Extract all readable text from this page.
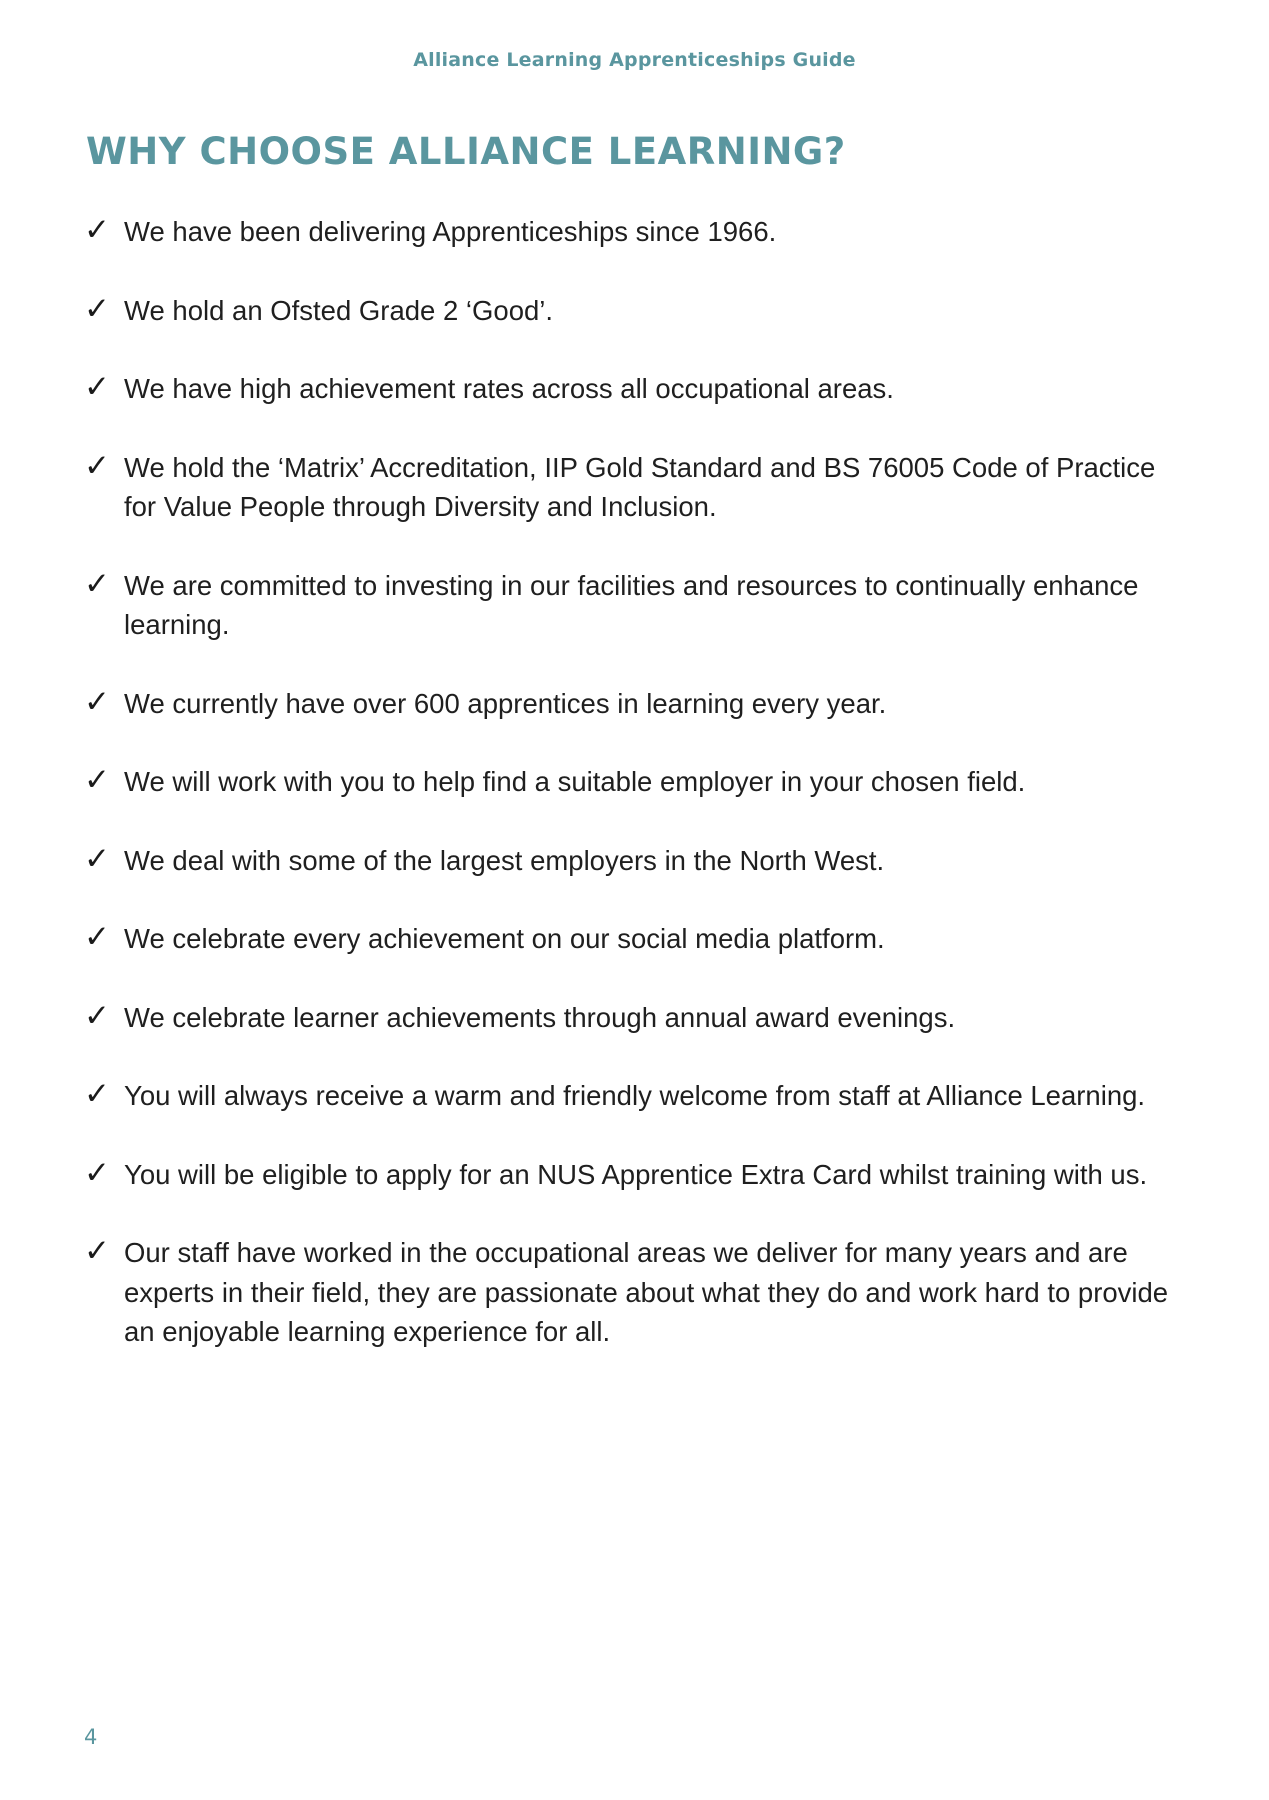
Alliance Learning Apprenticeships Guide
WHY CHOOSE ALLIANCE LEARNING?
✓ We have been delivering Apprenticeships since 1966.
✓ We hold an Ofsted Grade 2 ‘Good’.
✓ We have high achievement rates across all occupational areas.
✓ We hold the ‘Matrix’ Accreditation, IIP Gold Standard and BS 76005 Code of Practice for Value People through Diversity and Inclusion.
✓ We are committed to investing in our facilities and resources to continually enhance learning.
✓ We currently have over 600 apprentices in learning every year.
✓ We will work with you to help find a suitable employer in your chosen field.
✓ We deal with some of the largest employers in the North West.
✓ We celebrate every achievement on our social media platform.
✓ We celebrate learner achievements through annual award evenings.
✓ You will always receive a warm and friendly welcome from staff at Alliance Learning.
✓ You will be eligible to apply for an NUS Apprentice Extra Card whilst training with us.
✓ Our staff have worked in the occupational areas we deliver for many years and are experts in their field, they are passionate about what they do and work hard to provide an enjoyable learning experience for all.
4
